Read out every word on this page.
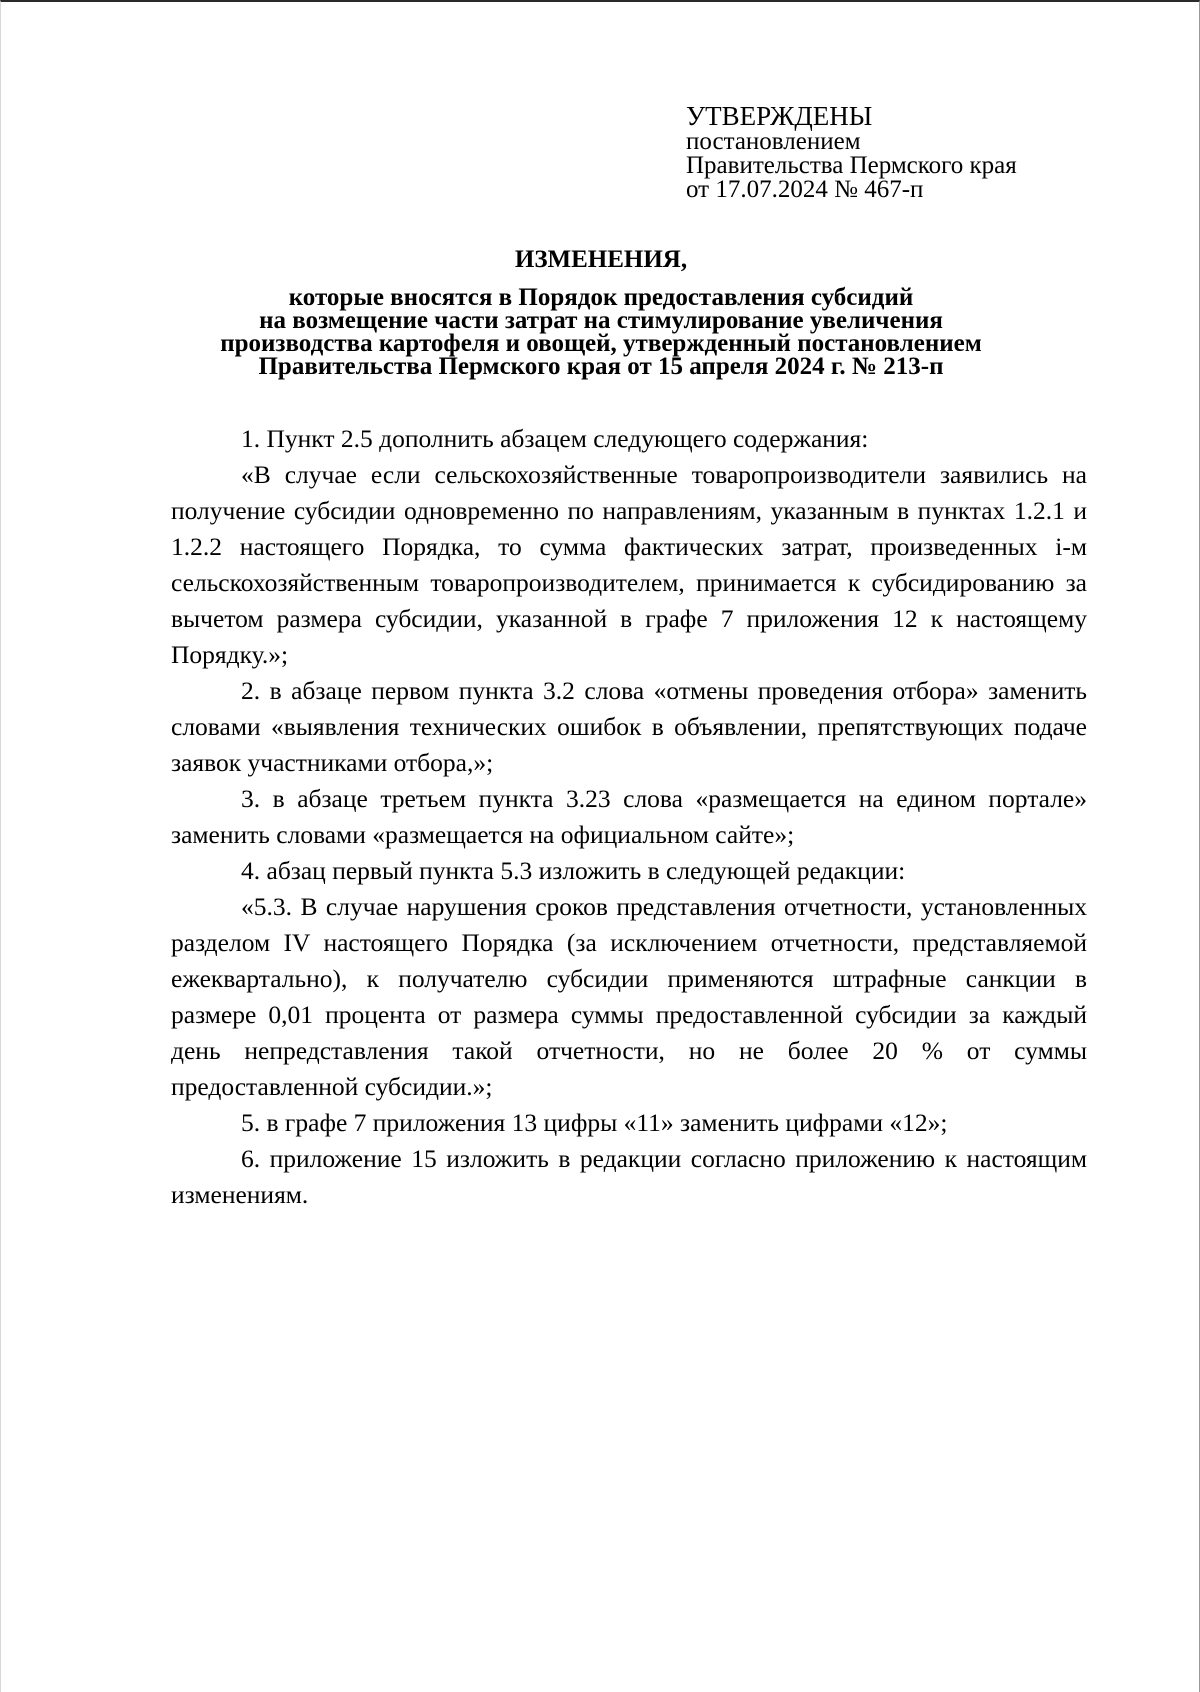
УТВЕРЖДЕНЫ
постановлением
Правительства Пермского края
от 17.07.2024 № 467-п
ИЗМЕНЕНИЯ,
которые вносятся в Порядок предоставления субсидий
на возмещение части затрат на стимулирование увеличения
производства картофеля и овощей, утвержденный постановлением
Правительства Пермского края от 15 апреля 2024 г. № 213-п

1. Пункт 2.5 дополнить абзацем следующего содержания:

«В случае если сельскохозяйственные товаропроизводители заявились на получение субсидии одновременно по направлениям, указанным в пунктах 1.2.1 и 1.2.2 настоящего Порядка, то сумма фактических затрат, произведенных i-м сельскохозяйственным товаропроизводителем, принимается к субсидированию за вычетом размера субсидии, указанной в графе 7 приложения 12 к настоящему Порядку.»;

2. в абзаце первом пункта 3.2 слова «отмены проведения отбора» заменить словами «выявления технических ошибок в объявлении, препятствующих подаче заявок участниками отбора,»;

3. в абзаце третьем пункта 3.23 слова «размещается на едином портале» заменить словами «размещается на официальном сайте»;

4. абзац первый пункта 5.3 изложить в следующей редакции:

«5.3. В случае нарушения сроков представления отчетности, установленных разделом IV настоящего Порядка (за исключением отчетности, представляемой ежеквартально), к получателю субсидии применяются штрафные санкции в размере 0,01 процента от размера суммы предоставленной субсидии за каждый день непредставления такой отчетности, но не более 20 % от суммы предоставленной субсидии.»;

5. в графе 7 приложения 13 цифры «11» заменить цифрами «12»;

6. приложение 15 изложить в редакции согласно приложению к настоящим изменениям.
